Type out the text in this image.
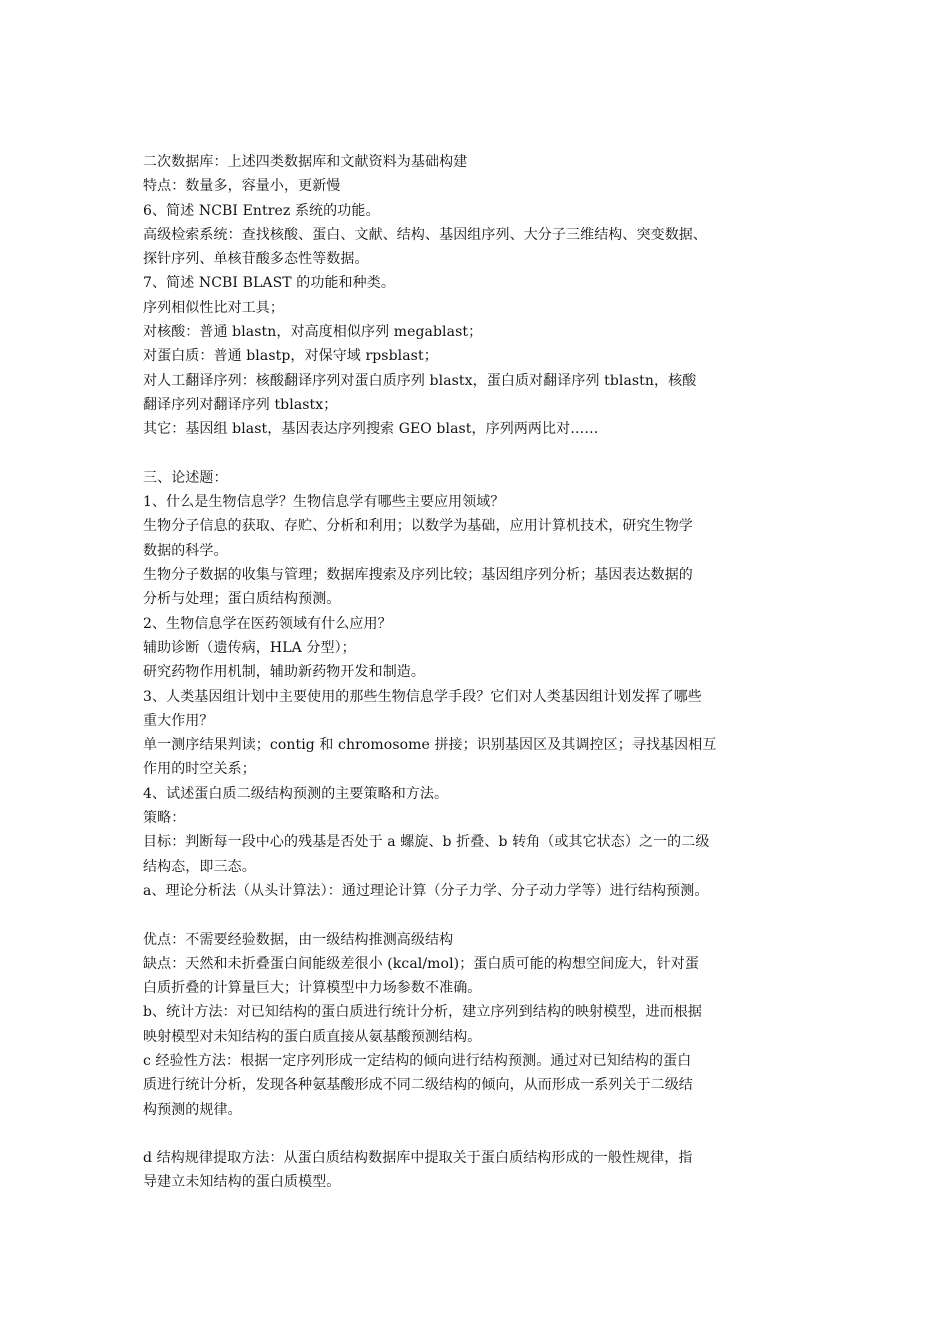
二次数据库：上述四类数据库和文献资料为基础构建
特点：数量多，容量小，更新慢
6、简述 NCBI Entrez 系统的功能。
高级检索系统：查找核酸、蛋白、文献、结构、基因组序列、大分子三维结构、突变数据、
探针序列、单核苷酸多态性等数据。
7、简述 NCBI BLAST 的功能和种类。
序列相似性比对工具；
对核酸：普通 blastn，对高度相似序列 megablast；
对蛋白质：普通 blastp，对保守域 rpsblast；
对人工翻译序列：核酸翻译序列对蛋白质序列 blastx，蛋白质对翻译序列 tblastn，核酸
翻译序列对翻译序列 tblastx；
其它：基因组 blast，基因表达序列搜索 GEO blast，序列两两比对……
三、论述题：
1、什么是生物信息学？生物信息学有哪些主要应用领域？
生物分子信息的获取、存贮、分析和利用；以数学为基础，应用计算机技术，研究生物学
数据的科学。
生物分子数据的收集与管理；数据库搜索及序列比较；基因组序列分析；基因表达数据的
分析与处理；蛋白质结构预测。
2、生物信息学在医药领域有什么应用？
辅助诊断（遗传病，HLA 分型）；
研究药物作用机制，辅助新药物开发和制造。
3、人类基因组计划中主要使用的那些生物信息学手段？它们对人类基因组计划发挥了哪些
重大作用？
单一测序结果判读；contig 和 chromosome 拼接；识别基因区及其调控区；寻找基因相互
作用的时空关系；
4、试述蛋白质二级结构预测的主要策略和方法。
策略：
目标：判断每一段中心的残基是否处于 a 螺旋、b 折叠、b 转角（或其它状态）之一的二级
结构态，即三态。
a、理论分析法（从头计算法）：通过理论计算（分子力学、分子动力学等）进行结构预测。
优点：不需要经验数据，由一级结构推测高级结构
缺点：天然和未折叠蛋白间能级差很小 (kcal/mol)；蛋白质可能的构想空间庞大，针对蛋
白质折叠的计算量巨大；计算模型中力场参数不准确。
b、统计方法：对已知结构的蛋白质进行统计分析，建立序列到结构的映射模型，进而根据
映射模型对未知结构的蛋白质直接从氨基酸预测结构。
c 经验性方法：根据一定序列形成一定结构的倾向进行结构预测。通过对已知结构的蛋白
质进行统计分析，发现各种氨基酸形成不同二级结构的倾向，从而形成一系列关于二级结
构预测的规律。
d 结构规律提取方法：从蛋白质结构数据库中提取关于蛋白质结构形成的一般性规律，指
导建立未知结构的蛋白质模型。
